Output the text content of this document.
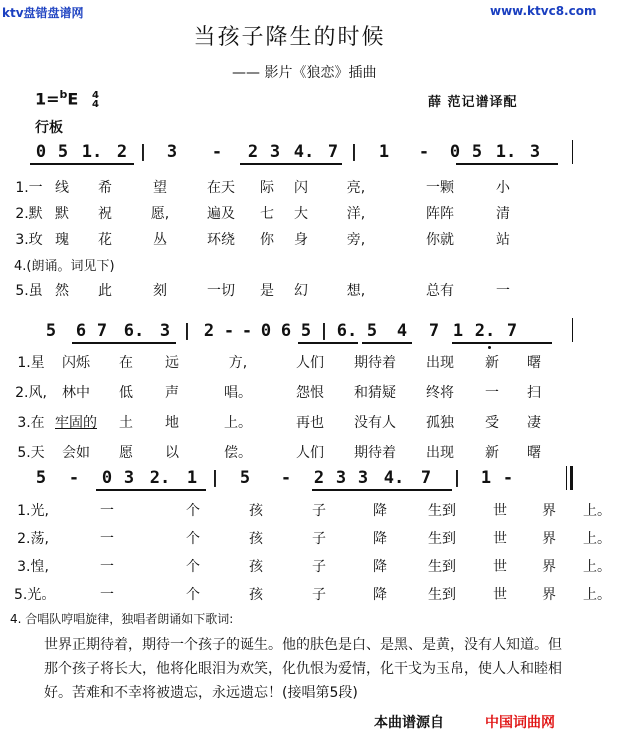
ktv盘错盘谱网	www.ktvc8.com
当孩子降生的时候
—— 影片《狼恋》插曲
1=$^b$E 4
4	薛 范记谱译配
行板
0 5 1. 2 |	3	-	2 3 4. 7 |	1	-	0 5 1. 3
1.一 线	希	望	在天	际	闪	亮,	一颗	小
2.默 默	祝	愿,	遍及	七	大	洋,	阵阵	清
3.玫 瑰	花	丛	环绕	你	身	旁,	你就	站
4.(朗诵。词见下)
5.虽 然	此	刻	一切	是	幻	想,	总有	一
5	6 7 6. 3 | 2 - - 0 6 5 | 6. 5	4	7 1 2. 7
1.星	闪烁	在	远	方,	人们	期待着	出现	新	曙
2.风,	林中	低	声	唱。	怨恨	和猜疑	终将	一	扫
3.在 牢固的	土	地	上。	再也	没有人	孤独	受	凄
5.天	会如	愿	以	偿。	人们	期待着	出现	新	曙
5	-	0 3 2. 1 |	5	-	2 3 3 4. 7	|	1 -
1.光,	一	个	孩	子	降	生到	世	界	上。
2.荡,	一	个	孩	子	降	生到	世	界	上。
3.惶,	一	个	孩	子	降	生到	世	界	上。
5.光。	一	个	孩	子	降	生到	世	界	上。
4. 合唱队哼唱旋律，独唱者朗诵如下歌词:
世界正期待着，期待一个孩子的诞生。他的肤色是白、是黑、是黄，没有人知道。但那个孩子将长大，他将化眼泪为欢笑，化仇恨为爱情，化干戈为玉帛，使人人和睦相好。苦难和不幸将被遗忘，永远遗忘！(接唱第5段)
本曲谱源自	中国词曲网
